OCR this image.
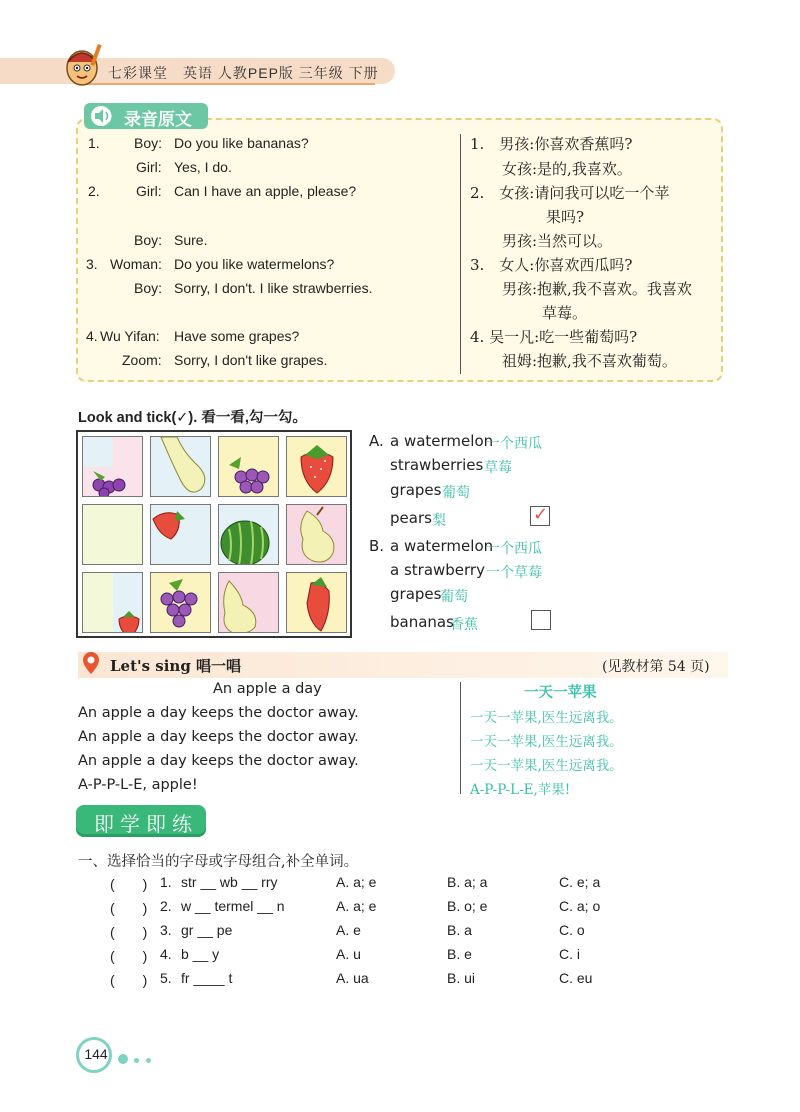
七彩课堂　英语 人教PEP版 三年级 下册
录音原文
1. Boy: Do you like bananas?
Girl: Yes, I do.
2.	Girl: Can I have an apple, please?
Boy: Sure.
3. Woman: Do you like watermelons?
Boy: Sorry, I don't. I like strawberries.
4. Wu Yifan: Have some grapes?
Zoom: Sorry, I don't like grapes.
1.　男孩:你喜欢香蕉吗?
女孩:是的,我喜欢。
2.　女孩:请问我可以吃一个苹
果吗?
男孩:当然可以。
3.　女人:你喜欢西瓜吗?
男孩:抱歉,我不喜欢。我喜欢
草莓。
4. 吴一凡:吃一些葡萄吗?
祖姆:抱歉,我不喜欢葡萄。
Look and tick(✓). 看一看,勾一勾。
A. a watermelon
一个西瓜
strawberries 草莓
grapes 葡萄
pears 梨	✓
B. a watermelon
一个西瓜
a strawberry 一个草莓
grapes
葡萄
bananas
香蕉
Let's sing 唱一唱	(见教材第 54 页)
An apple a day	一天一苹果
An apple a day keeps the doctor away.
An apple a day keeps the doctor away.
An apple a day keeps the doctor away.
A-P-P-L-E, apple!
一天一苹果,医生远离我。
一天一苹果,医生远离我。
一天一苹果,医生远离我。
A-P-P-L-E,苹果!
即学即练
一、选择恰当的字母或字母组合,补全单词。
(　　) 1. str __ wb __ rry	A. a; e	B. a; a	C. e; a
(　　) 2. w __ termel __ n	A. a; e	B. o; e	C. a; o
(　　) 3. gr __ pe	A. e	B. a	C. o
(　　) 4. b __ y	A. u	B. e	C. i
(　　) 5. fr ____ t	A. ua	B. ui	C. eu
144
